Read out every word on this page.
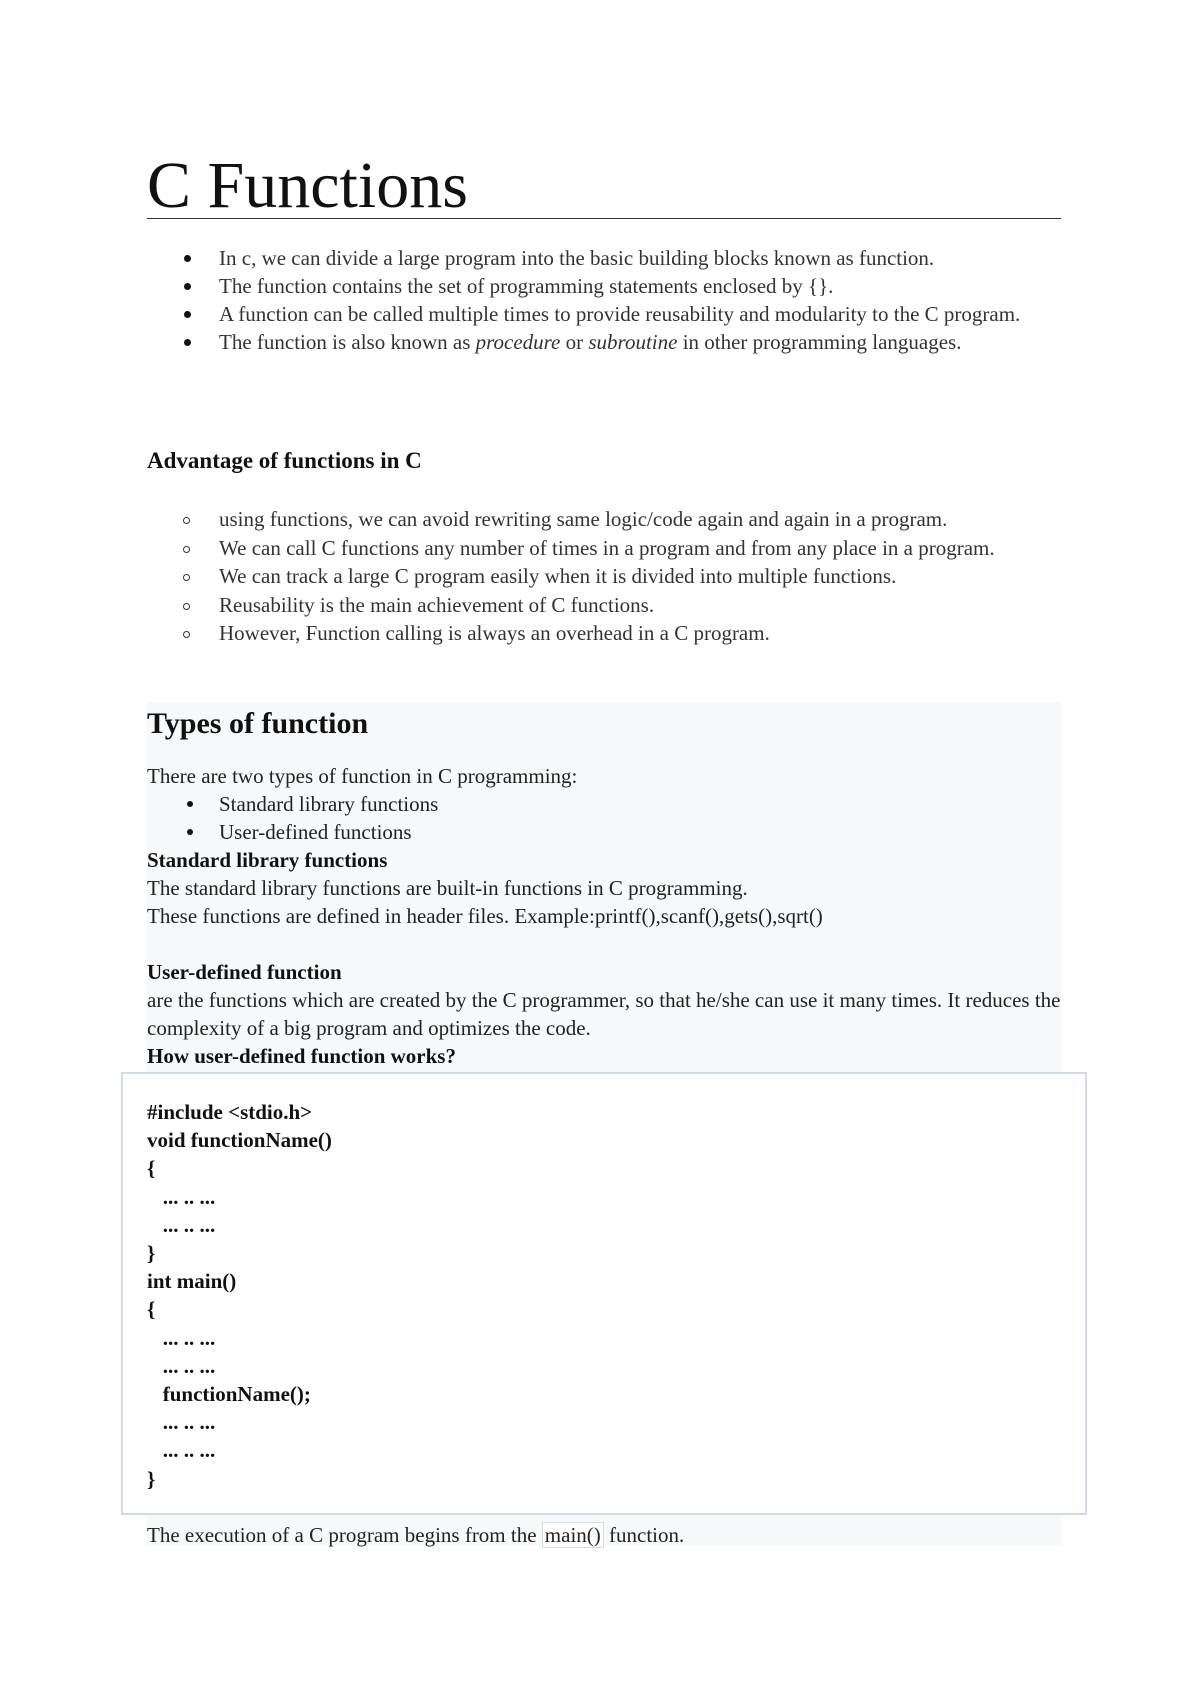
C Functions
In c, we can divide a large program into the basic building blocks known as function.
The function contains the set of programming statements enclosed by {}.
A function can be called multiple times to provide reusability and modularity to the C program.
The function is also known as procedure or subroutine in other programming languages.
Advantage of functions in C
using functions, we can avoid rewriting same logic/code again and again in a program.
We can call C functions any number of times in a program and from any place in a program.
We can track a large C program easily when it is divided into multiple functions.
Reusability is the main achievement of C functions.
However, Function calling is always an overhead in a C program.
Types of function

There are two types of function in C programming:

Standard library functions
User-defined functions

Standard library functions

The standard library functions are built-in functions in C programming.

These functions are defined in header files. Example:printf(),scanf(),gets(),sqrt()

User-defined function

are the functions which are created by the C programmer, so that he/she can use it many times. It reduces the complexity of a big program and optimizes the code.

How user-defined function works?

#include <stdio.h>
void functionName()
{
... .. ...
... .. ...
}
int main()
{
... .. ...
... .. ...
functionName();
... .. ...
... .. ...
}

The execution of a C program begins from the main() function.
